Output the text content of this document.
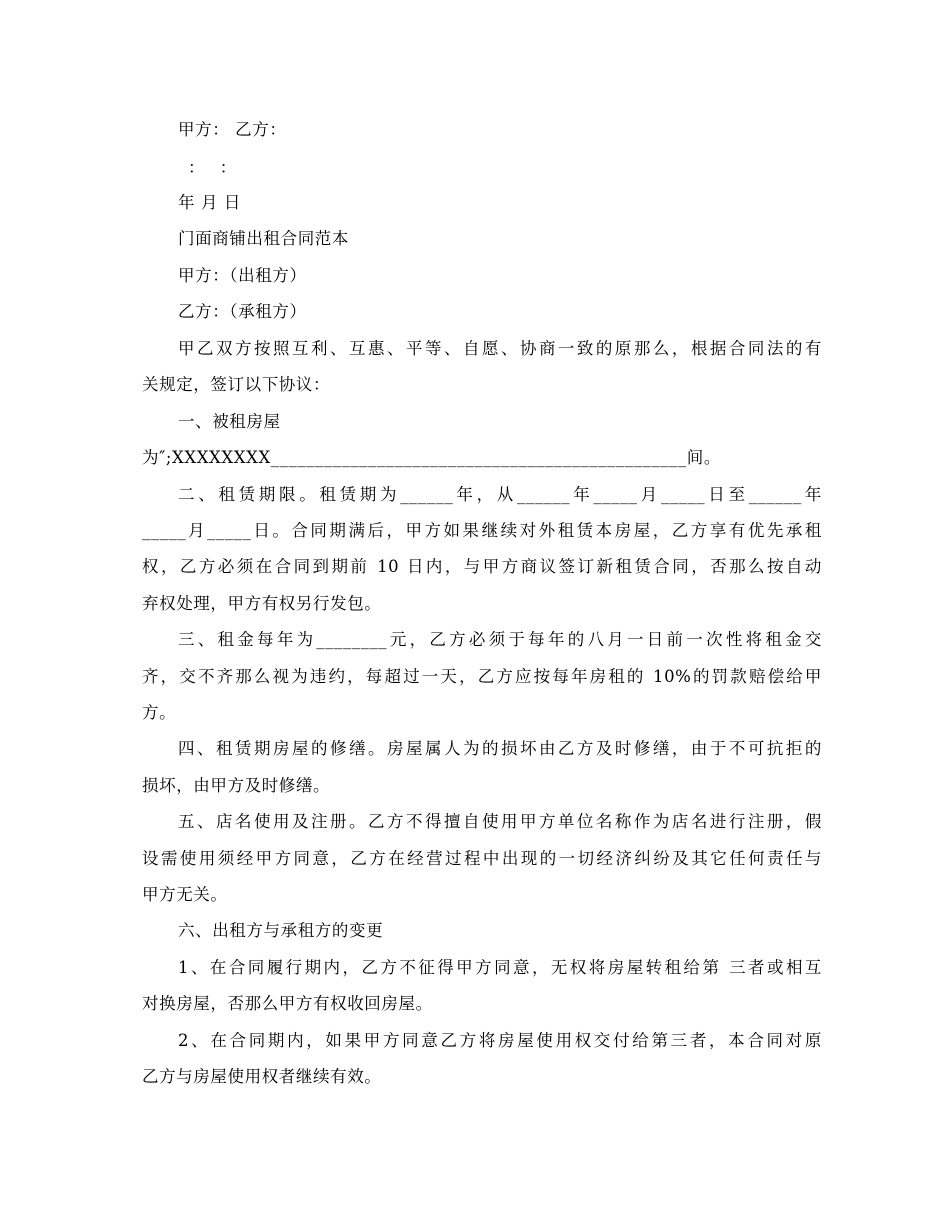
甲方： 乙方：
：　 ：
年 月 日
门面商铺出租合同范本
甲方：（出租方）
乙方：（承租方）
甲乙双方按照互利、互惠、平等、自愿、协商一致的原那么，根据合同法的有
关规定，签订以下协议：
一、被租房屋
为″;XXXXXXXX_______________________________________________间。
二、租赁期限。租赁期为______年，从______年_____月_____日至______年
_____月_____日。合同期满后，甲方如果继续对外租赁本房屋，乙方享有优先承租
权，乙方必须在合同到期前 10 日内，与甲方商议签订新租赁合同，否那么按自动
弃权处理，甲方有权另行发包。
三、租金每年为________元，乙方必须于每年的八月一日前一次性将租金交
齐，交不齐那么视为违约，每超过一天，乙方应按每年房租的 10%的罚款赔偿给甲
方。
四、租赁期房屋的修缮。房屋属人为的损坏由乙方及时修缮，由于不可抗拒的
损坏，由甲方及时修缮。
五、店名使用及注册。乙方不得擅自使用甲方单位名称作为店名进行注册，假
设需使用须经甲方同意，乙方在经营过程中出现的一切经济纠纷及其它任何责任与
甲方无关。
六、出租方与承租方的变更
1、在合同履行期内，乙方不征得甲方同意，无权将房屋转租给第 三者或相互
对换房屋，否那么甲方有权收回房屋。
2、在合同期内，如果甲方同意乙方将房屋使用权交付给第三者，本合同对原
乙方与房屋使用权者继续有效。
